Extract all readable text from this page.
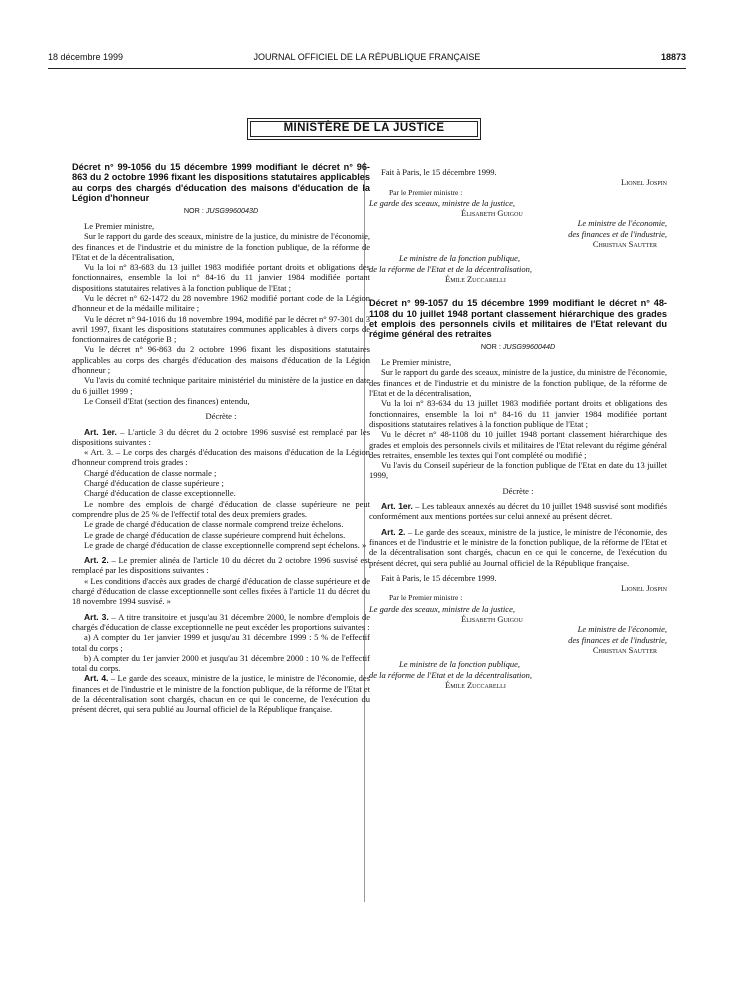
18 décembre 1999	JOURNAL OFFICIEL DE LA RÉPUBLIQUE FRANÇAISE	18873
MINISTÈRE DE LA JUSTICE

Décret n° 99-1056 du 15 décembre 1999 modifiant le décret n° 96-863 du 2 octobre 1996 fixant les dispositions statutaires applicables au corps des chargés d'éducation des maisons d'éducation de la Légion d'honneur

NOR : JUSG9960043D

Le Premier ministre,

Sur le rapport du garde des sceaux, ministre de la justice, du ministre de l'économie, des finances et de l'industrie et du ministre de la fonction publique, de la réforme de l'Etat et de la décentralisation,

Vu la loi n° 83-683 du 13 juillet 1983 modifiée portant droits et obligations des fonctionnaires, ensemble la loi n° 84-16 du 11 janvier 1984 modifiée portant dispositions statutaires relatives à la fonction publique de l'Etat ;

Vu le décret n° 62-1472 du 28 novembre 1962 modifié portant code de la Légion d'honneur et de la médaille militaire ;

Vu le décret n° 94-1016 du 18 novembre 1994, modifié par le décret n° 97-301 du 3 avril 1997, fixant les dispositions statutaires communes applicables à divers corps de fonctionnaires de catégorie B ;

Vu le décret n° 96-863 du 2 octobre 1996 fixant les dispositions statutaires applicables au corps des chargés d'éducation des maisons d'éducation de la Légion d'honneur ;

Vu l'avis du comité technique paritaire ministériel du ministère de la justice en date du 6 juillet 1999 ;

Le Conseil d'Etat (section des finances) entendu,

Décrète :

Art. 1er. – L'article 3 du décret du 2 octobre 1996 susvisé est remplacé par les dispositions suivantes :

« Art. 3. – Le corps des chargés d'éducation des maisons d'éducation de la Légion d'honneur comprend trois grades :

Chargé d'éducation de classe normale ;

Chargé d'éducation de classe supérieure ;

Chargé d'éducation de classe exceptionnelle.

Le nombre des emplois de chargé d'éducation de classe supérieure ne peut comprendre plus de 25 % de l'effectif total des deux premiers grades.

Le grade de chargé d'éducation de classe normale comprend treize échelons.

Le grade de chargé d'éducation de classe supérieure comprend huit échelons.

Le grade de chargé d'éducation de classe exceptionnelle comprend sept échelons. »

Art. 2. – Le premier alinéa de l'article 10 du décret du 2 octobre 1996 susvisé est remplacé par les dispositions suivantes :

« Les conditions d'accès aux grades de chargé d'éducation de classe supérieure et de chargé d'éducation de classe exceptionnelle sont celles fixées à l'article 11 du décret du 18 novembre 1994 susvisé. »

Art. 3. – A titre transitoire et jusqu'au 31 décembre 2000, le nombre d'emplois de chargés d'éducation de classe exceptionnelle ne peut excéder les proportions suivantes :

a) A compter du 1er janvier 1999 et jusqu'au 31 décembre 1999 : 5 % de l'effectif total du corps ;

b) A compter du 1er janvier 2000 et jusqu'au 31 décembre 2000 : 10 % de l'effectif total du corps.

Art. 4. – Le garde des sceaux, ministre de la justice, le ministre de l'économie, des finances et de l'industrie et le ministre de la fonction publique, de la réforme de l'Etat et de la décentralisation sont chargés, chacun en ce qui le concerne, de l'exécution du présent décret, qui sera publié au Journal officiel de la République française.

Fait à Paris, le 15 décembre 1999.

Lionel Jospin

Par le Premier ministre :

Le garde des sceaux, ministre de la justice,

Élisabeth Guigou

Le ministre de l'économie,

des finances et de l'industrie,

Christian Sautter

Le ministre de la fonction publique,

de la réforme de l'Etat et de la décentralisation,

Émile Zuccarelli

Décret n° 99-1057 du 15 décembre 1999 modifiant le décret n° 48-1108 du 10 juillet 1948 portant classement hiérarchique des grades et emplois des personnels civils et militaires de l'Etat relevant du régime général des retraites

NOR : JUSG9960044D

Le Premier ministre,

Sur le rapport du garde des sceaux, ministre de la justice, du ministre de l'économie, des finances et de l'industrie et du ministre de la fonction publique, de la réforme de l'Etat et de la décentralisation,

Vu la loi n° 83-634 du 13 juillet 1983 modifiée portant droits et obligations des fonctionnaires, ensemble la loi n° 84-16 du 11 janvier 1984 modifiée portant dispositions statutaires relatives à la fonction publique de l'Etat ;

Vu le décret n° 48-1108 du 10 juillet 1948 portant classement hiérarchique des grades et emplois des personnels civils et militaires de l'Etat relevant du régime général des retraites, ensemble les textes qui l'ont complété ou modifié ;

Vu l'avis du Conseil supérieur de la fonction publique de l'Etat en date du 13 juillet 1999,

Décrète :

Art. 1er. – Les tableaux annexés au décret du 10 juillet 1948 susvisé sont modifiés conformément aux mentions portées sur celui annexé au présent décret.

Art. 2. – Le garde des sceaux, ministre de la justice, le ministre de l'économie, des finances et de l'industrie et le ministre de la fonction publique, de la réforme de l'Etat et de la décentralisation sont chargés, chacun en ce qui le concerne, de l'exécution du présent décret, qui sera publié au Journal officiel de la République française.

Fait à Paris, le 15 décembre 1999.

Lionel Jospin

Par le Premier ministre :

Le garde des sceaux, ministre de la justice,

Élisabeth Guigou

Le ministre de l'économie,

des finances et de l'industrie,

Christian Sautter

Le ministre de la fonction publique,

de la réforme de l'Etat et de la décentralisation,

Émile Zuccarelli
